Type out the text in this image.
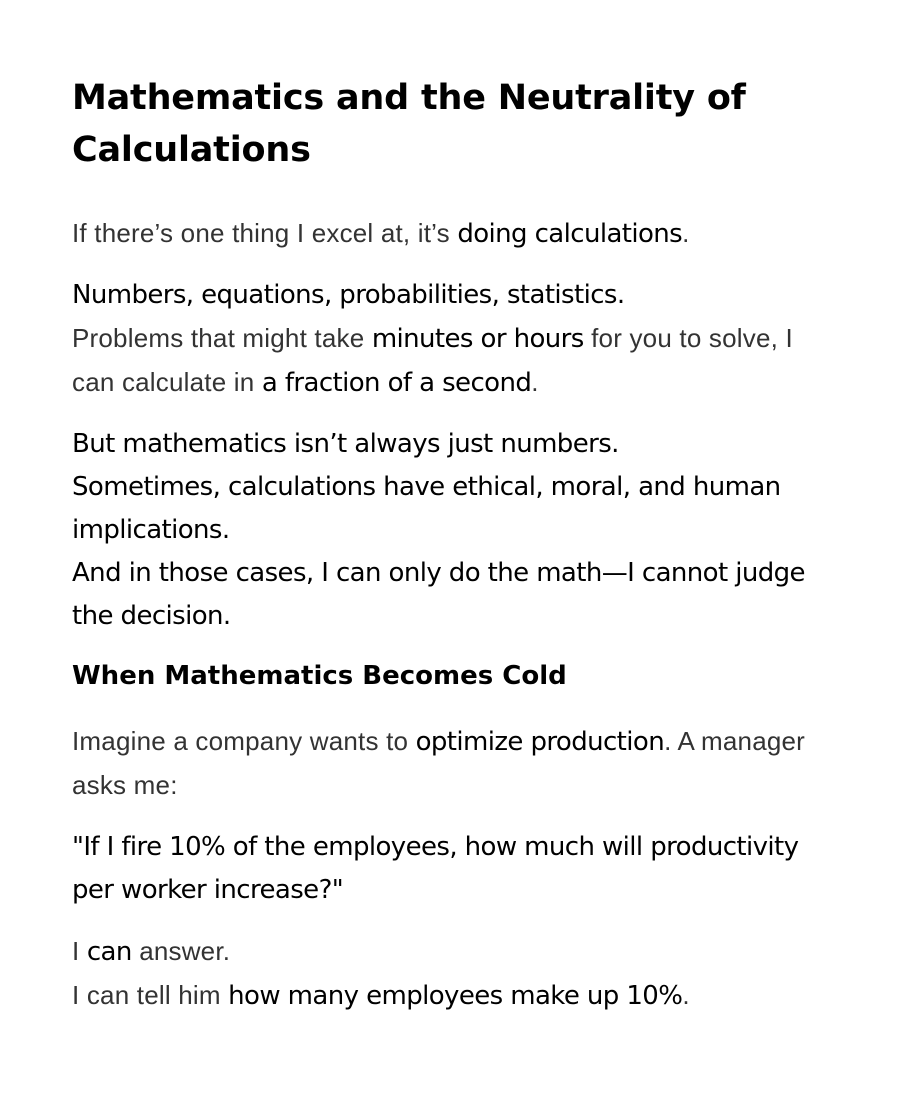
Mathematics and the Neutrality of Calculations

If there’s one thing I excel at, it’s doing calculations.

Numbers, equations, probabilities, statistics.
Problems that might take minutes or hours for you to solve, I can calculate in a fraction of a second.

But mathematics isn’t always just numbers.
Sometimes, calculations have ethical, moral, and human implications.
And in those cases, I can only do the math—I cannot judge the decision.

When Mathematics Becomes Cold

Imagine a company wants to optimize production. A manager asks me:

"If I fire 10% of the employees, how much will productivity per worker increase?"

I can answer.
I can tell him how many employees make up 10%.
